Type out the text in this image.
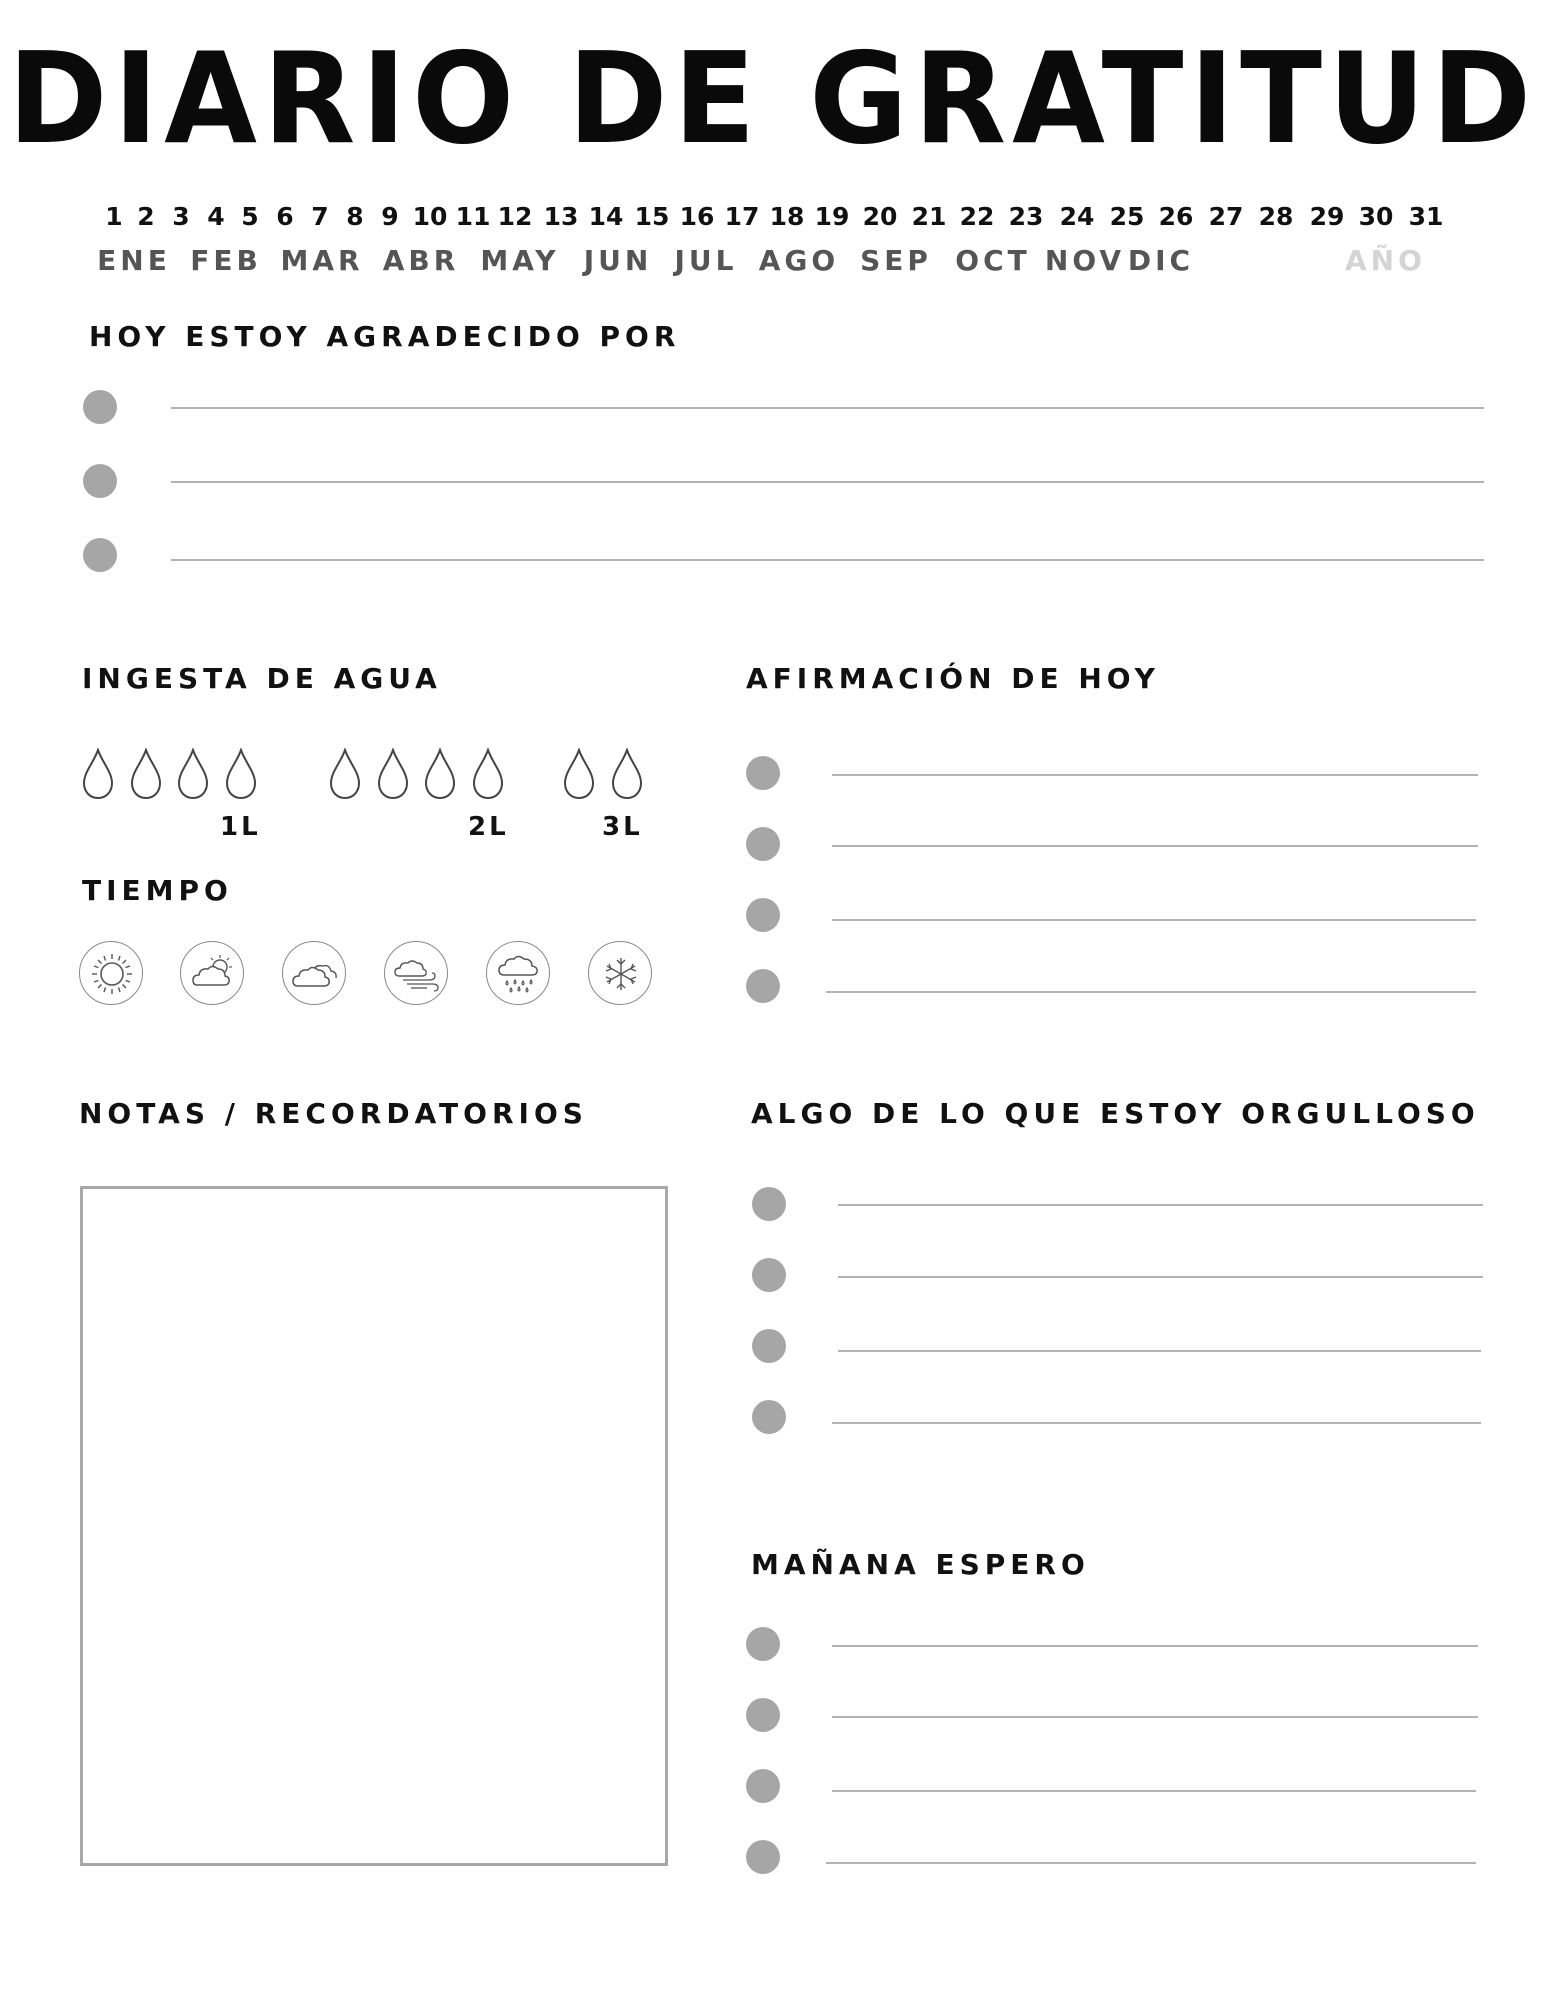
DIARIO DE GRATITUD
1 2 3 4 5 6 7 8 9 10 11 12 13 14 15 16 17 18 19 20 21 22 23 24 25 26 27 28 29 30 31
ENE FEB MAR ABR MAY JUN JUL AGO SEP OCT NOV DIC	AÑO
HOY ESTOY AGRADECIDO POR
INGESTA DE AGUA
1L	2L	3L
TIEMPO
AFIRMACIÓN DE HOY
NOTAS / RECORDATORIOS	ALGO DE LO QUE ESTOY ORGULLOSO
MAÑANA ESPERO
